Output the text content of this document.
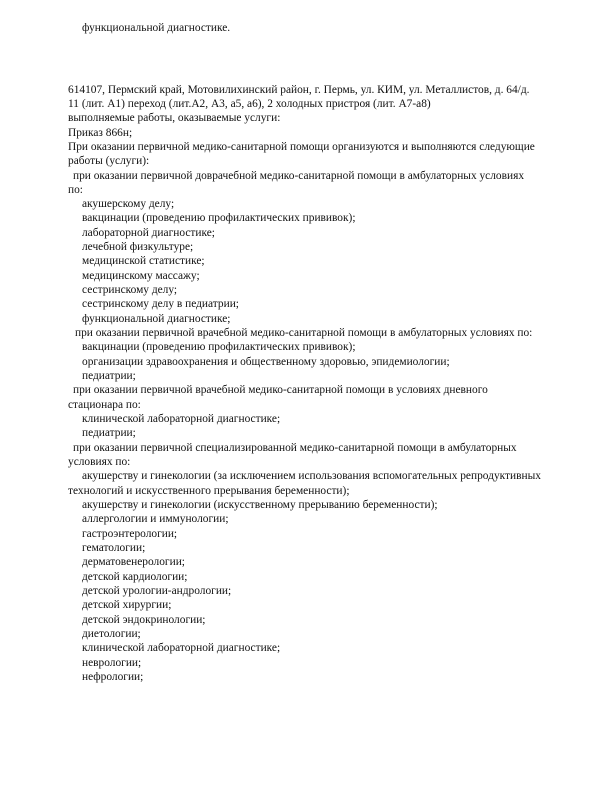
функциональной диагностике.
614107, Пермский край, Мотовилихинский район, г. Пермь, ул. КИМ, ул. Металлистов, д. 64/д.
11 (лит. А1) переход (лит.А2, А3, а5, а6), 2 холодных пристроя (лит. А7-а8)
выполняемые работы, оказываемые услуги:
Приказ 866н;
При оказании первичной медико-санитарной помощи организуются и выполняются следующие
работы (услуги):
при оказании первичной доврачебной медико-санитарной помощи в амбулаторных условиях
по:
акушерскому делу;
вакцинации (проведению профилактических прививок);
лабораторной диагностике;
лечебной физкультуре;
медицинской статистике;
медицинскому массажу;
сестринскому делу;
сестринскому делу в педиатрии;
функциональной диагностике;
при оказании первичной врачебной медико-санитарной помощи в амбулаторных условиях по:
вакцинации (проведению профилактических прививок);
организации здравоохранения и общественному здоровью, эпидемиологии;
педиатрии;
при оказании первичной врачебной медико-санитарной помощи в условиях дневного
стационара по:
клинической лабораторной диагностике;
педиатрии;
при оказании первичной специализированной медико-санитарной помощи в амбулаторных
условиях по:
акушерству и гинекологии (за исключением использования вспомогательных репродуктивных
технологий и искусственного прерывания беременности);
акушерству и гинекологии (искусственному прерыванию беременности);
аллергологии и иммунологии;
гастроэнтерологии;
гематологии;
дерматовенерологии;
детской кардиологии;
детской урологии-андрологии;
детской хирургии;
детской эндокринологии;
диетологии;
клинической лабораторной диагностике;
неврологии;
нефрологии;
